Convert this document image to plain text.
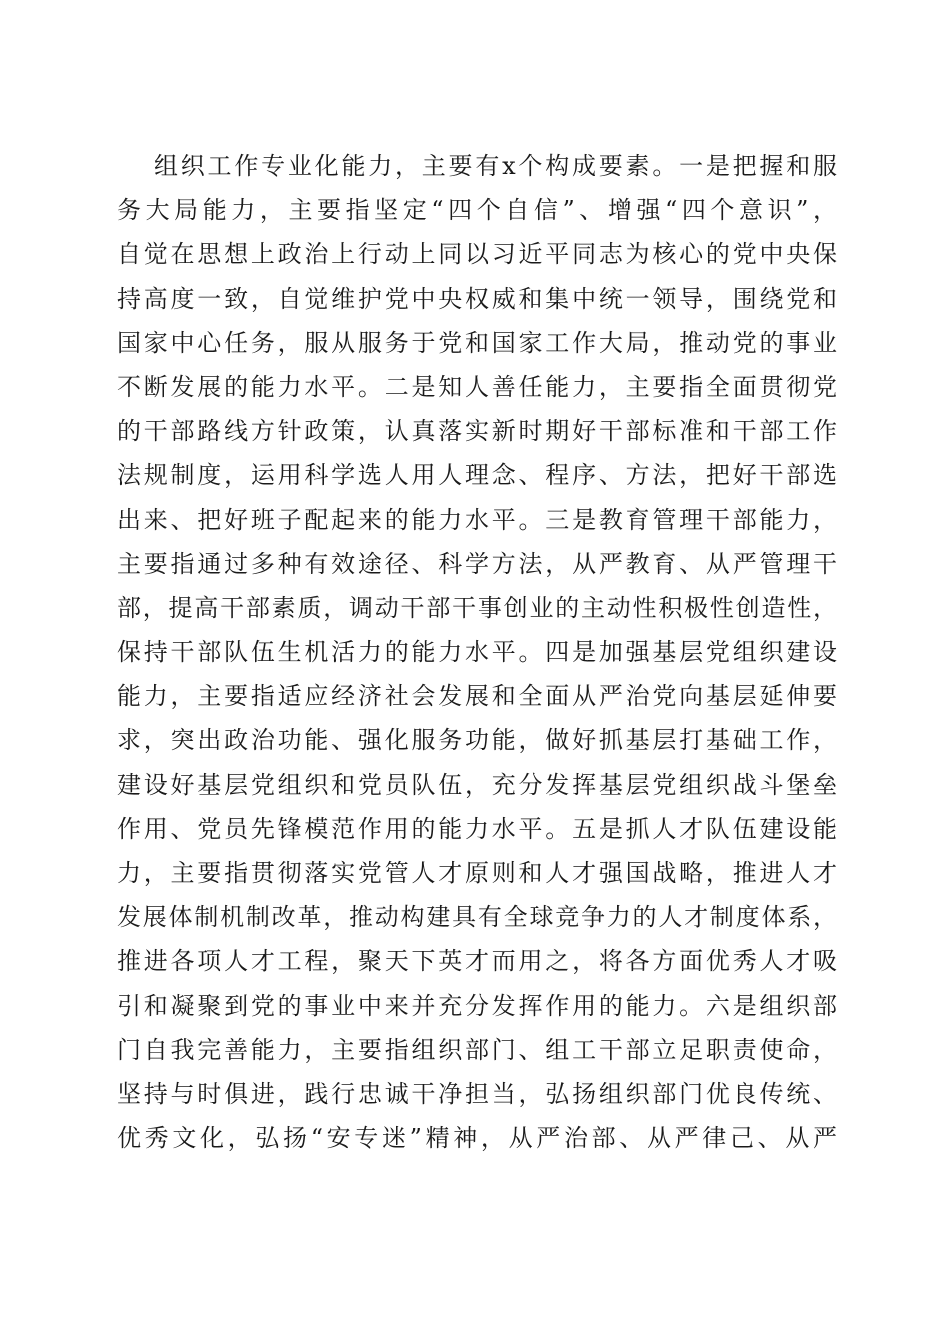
组织工作专业化能力，主要有x个构成要素。一是把握和服
务大局能力，主要指坚定“四个自信”、增强“四个意识”，
自觉在思想上政治上行动上同以习近平同志为核心的党中央保
持高度一致，自觉维护党中央权威和集中统一领导，围绕党和
国家中心任务，服从服务于党和国家工作大局，推动党的事业
不断发展的能力水平。二是知人善任能力，主要指全面贯彻党
的干部路线方针政策，认真落实新时期好干部标准和干部工作
法规制度，运用科学选人用人理念、程序、方法，把好干部选
出来、把好班子配起来的能力水平。三是教育管理干部能力，
主要指通过多种有效途径、科学方法，从严教育、从严管理干
部，提高干部素质，调动干部干事创业的主动性积极性创造性，
保持干部队伍生机活力的能力水平。四是加强基层党组织建设
能力，主要指适应经济社会发展和全面从严治党向基层延伸要
求，突出政治功能、强化服务功能，做好抓基层打基础工作，
建设好基层党组织和党员队伍，充分发挥基层党组织战斗堡垒
作用、党员先锋模范作用的能力水平。五是抓人才队伍建设能
力，主要指贯彻落实党管人才原则和人才强国战略，推进人才
发展体制机制改革，推动构建具有全球竞争力的人才制度体系，
推进各项人才工程，聚天下英才而用之，将各方面优秀人才吸
引和凝聚到党的事业中来并充分发挥作用的能力。六是组织部
门自我完善能力，主要指组织部门、组工干部立足职责使命，
坚持与时俱进，践行忠诚干净担当，弘扬组织部门优良传统、
优秀文化，弘扬“安专迷”精神，从严治部、从严律己、从严
